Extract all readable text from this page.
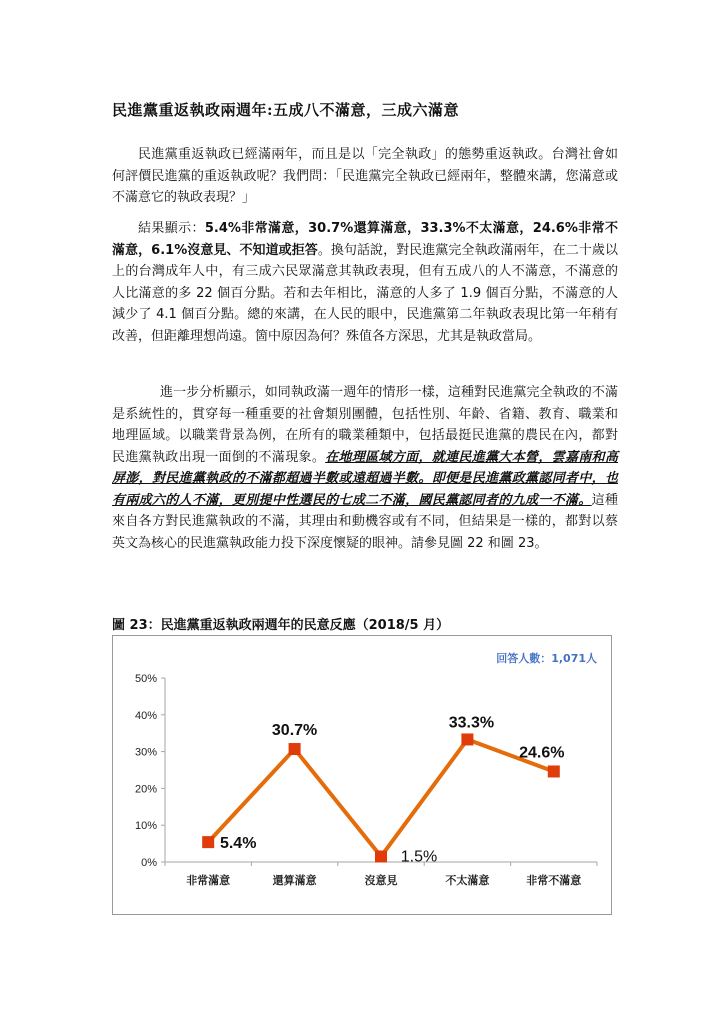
民進黨重返執政兩週年:五成八不滿意，三成六滿意

民進黨重返執政已經滿兩年，而且是以「完全執政」的態勢重返執政。台灣社會如何評價民進黨的重返執政呢？我們問：「民進黨完全執政已經兩年，整體來講，您滿意或不滿意它的執政表現？」

結果顯示：5.4%非常滿意，30.7%還算滿意，33.3%不太滿意，24.6%非常不滿意，6.1%沒意見、不知道或拒答。換句話說，對民進黨完全執政滿兩年，在二十歲以上的台灣成年人中，有三成六民眾滿意其執政表現，但有五成八的人不滿意，不滿意的人比滿意的多 22 個百分點。若和去年相比，滿意的人多了 1.9 個百分點，不滿意的人減少了 4.1 個百分點。總的來講，在人民的眼中，民進黨第二年執政表現比第一年稍有改善，但距離理想尚遠。箇中原因為何？殊值各方深思，尤其是執政當局。

進一步分析顯示，如同執政滿一週年的情形一樣，這種對民進黨完全執政的不滿是系統性的，貫穿每一種重要的社會類別團體，包括性別、年齡、省籍、教育、職業和地理區域。以職業背景為例，在所有的職業種類中，包括最挺民進黨的農民在內，都對民進黨執政出現一面倒的不滿現象。在地理區域方面，就連民進黨大本營，雲嘉南和高屏澎，對民進黨執政的不滿都超過半數或遠超過半數。即便是民進黨政黨認同者中，也有兩成六的人不滿，更別提中性選民的七成二不滿，國民黨認同者的九成一不滿。這種來自各方對民進黨執政的不滿，其理由和動機容或有不同，但結果是一樣的，都對以蔡英文為核心的民進黨執政能力投下深度懷疑的眼神。請參見圖 22 和圖 23。

圖 23：民進黨重返執政兩週年的民意反應（2018/5 月）
0%
10%
20%
30%
40%
50%
非常滿意	還算滿意	沒意見	不太滿意	非常不滿意
5.4%
30.7%
1.5%
33.3%
24.6%
回答人數：1,071人
